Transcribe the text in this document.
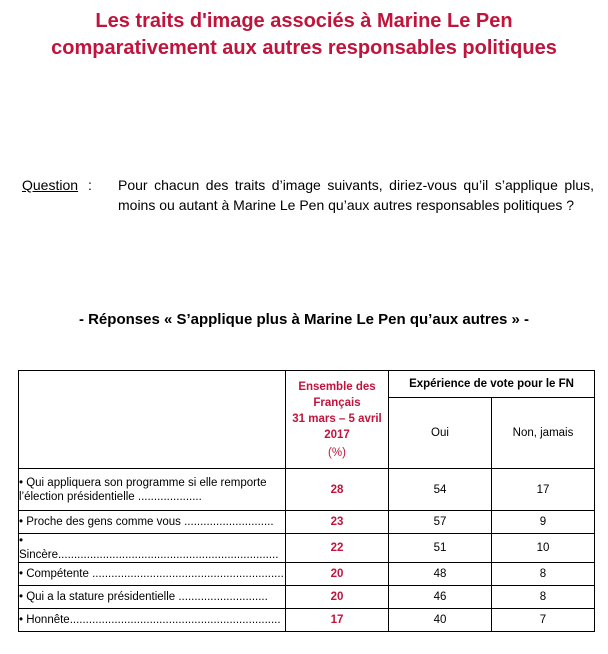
Les traits d'image associés à Marine Le Pen
comparativement aux autres responsables politiques
Question : Pour chacun des traits d’image suivants, diriez-vous qu’il s’applique plus, moins ou autant à Marine Le Pen qu’aux autres responsables politiques ?
- Réponses « S’applique plus à Marine Le Pen qu’aux autres » -

	Ensemble des
Français
31 mars – 5 avril
2017
(%)	Expérience de vote pour le FN	
		Oui	Non, jamais
• Qui appliquera son programme si elle remporte l’élection présidentielle ....................	28	54	17
• Proche des gens comme vous ............................	23	57	9
• Sincère.....................................................................	22	51	10
• Compétente ............................................................	20	48	8
• Qui a la stature présidentielle ............................	20	46	8
• Honnête..................................................................	17	40	7
